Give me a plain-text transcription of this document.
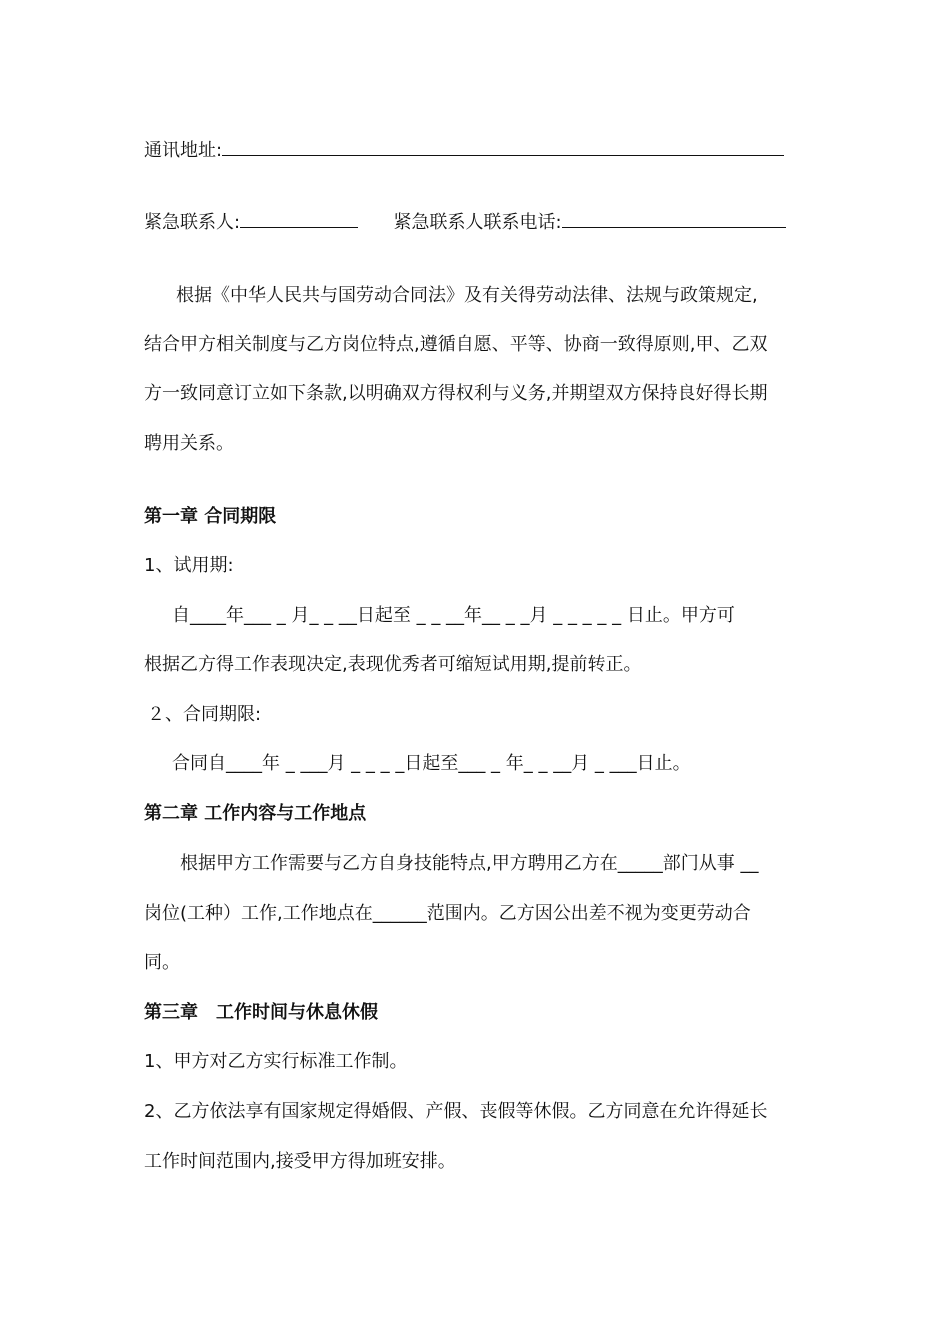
通讯地址:
紧急联系人:	紧急联系人联系电话:
根据《中华人民共与国劳动合同法》及有关得劳动法律、法规与政策规定,
结合甲方相关制度与乙方岗位特点,遵循自愿、平等、协商一致得原则,甲、乙双
方一致同意订立如下条款,以明确双方得权利与义务,并期望双方保持良好得长期
聘用关系。
第一章 合同期限
1、试用期:
自____年___ _ 月_ _ __日起至 _ _ __年__ _ _月 _ _ _ _ _ 日止。甲方可
根据乙方得工作表现决定,表现优秀者可缩短试用期,提前转正。
２、合同期限:
合同自____年 _ ___月 _ _ _ _日起至___ _ 年_ _ __月 _ ___日止。
第二章 工作内容与工作地点
根据甲方工作需要与乙方自身技能特点,甲方聘用乙方在_____部门从事 __
岗位(工种）工作,工作地点在______范围内。乙方因公出差不视为变更劳动合
同。
第三章　工作时间与休息休假
1、甲方对乙方实行标准工作制。
2、乙方依法享有国家规定得婚假、产假、丧假等休假。乙方同意在允许得延长
工作时间范围内,接受甲方得加班安排。
